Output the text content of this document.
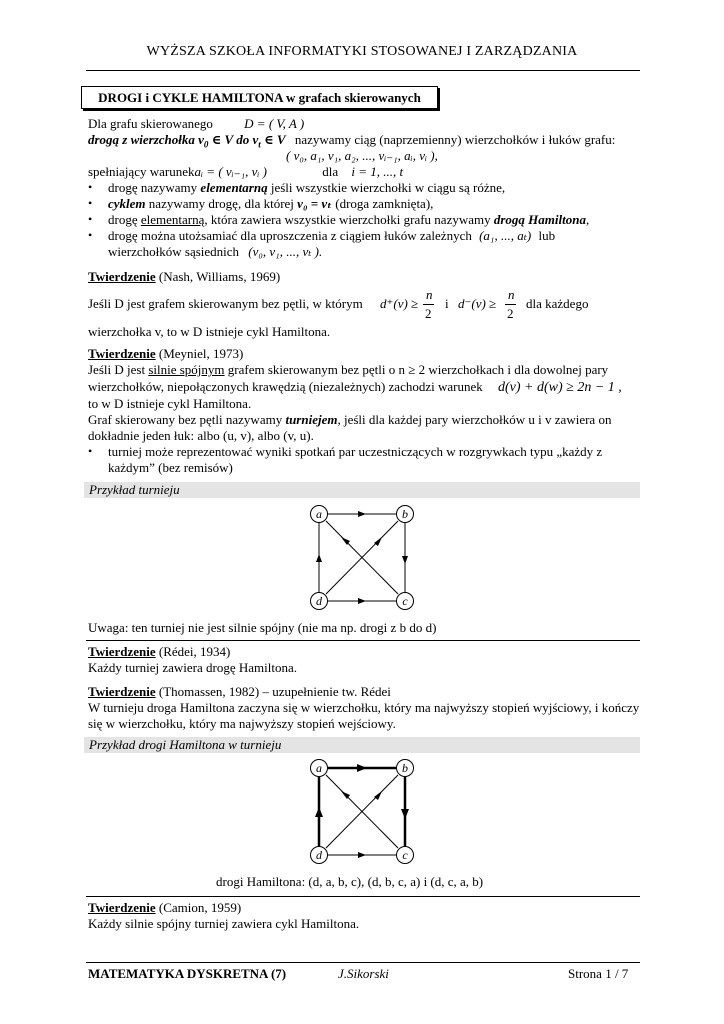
WYŻSZA SZKOŁA INFORMATYKI STOSOWANEJ I ZARZĄDZANIA
DROGI i CYKLE HAMILTONA w grafach skierowanych
Dla grafu skierowanego D = ( V, A )
drogą z wierzchołka $v_0$ ∈ V do $v_t$ ∈ V nazywamy ciąg (naprzemienny) wierzchołków i łuków grafu:
( v₀, a₁, v₁, a₂, ..., vᵢ₋₁, aᵢ, vᵢ ),
spełniający warunekaᵢ = ( vᵢ₋₁, vᵢ )	dla i = 1, ..., t
• drogę nazywamy elementarną jeśli wszystkie wierzchołki w ciągu są różne,
• cyklem nazywamy drogę, dla której v₀ = vₜ (droga zamknięta),
• drogę elementarną, która zawiera wszystkie wierzchołki grafu nazywamy drogą Hamiltona,
• drogę można utożsamiać dla uproszczenia z ciągiem łuków zależnych (a₁, ..., aₜ) lub
wierzchołków sąsiednich (v₀, v₁, ..., vₜ ).
Twierdzenie (Nash, Williams, 1969)
Jeśli D jest grafem skierowanym bez pętli, w którym d⁺(v) ≥
n
2
i d⁻(v) ≥
n
2
dla każdego
wierzchołka v, to w D istnieje cykl Hamiltona.
Twierdzenie (Meyniel, 1973)
Jeśli D jest silnie spójnym grafem skierowanym bez pętli o n ≥ 2 wierzchołkach i dla dowolnej pary
wierzchołków, niepołączonych krawędzią (niezależnych) zachodzi warunek d(v) + d(w) ≥ 2n − 1 ,
to w D istnieje cykl Hamiltona.
Graf skierowany bez pętli nazywamy turniejem, jeśli dla każdej pary wierzchołków u i v zawiera on
dokładnie jeden łuk: albo (u, v), albo (v, u).
• turniej może reprezentować wyniki spotkań par uczestniczących w rozgrywkach typu „każdy z
każdym” (bez remisów)
Przykład turnieju
a	b
c
d
Uwaga: ten turniej nie jest silnie spójny (nie ma np. drogi z b do d)
Twierdzenie (Rédei, 1934)
Każdy turniej zawiera drogę Hamiltona.
Twierdzenie (Thomassen, 1982) – uzupełnienie tw. Rédei
W turnieju droga Hamiltona zaczyna się w wierzchołku, który ma najwyższy stopień wyjściowy, i kończy
się w wierzchołku, który ma najwyższy stopień wejściowy.
Przykład drogi Hamiltona w turnieju
a	b
c
d
drogi Hamiltona: (d, a, b, c), (d, b, c, a) i (d, c, a, b)
Twierdzenie (Camion, 1959)
Każdy silnie spójny turniej zawiera cykl Hamiltona.
MATEMATYKA DYSKRETNA (7)	J.Sikorski	Strona 1 / 7
